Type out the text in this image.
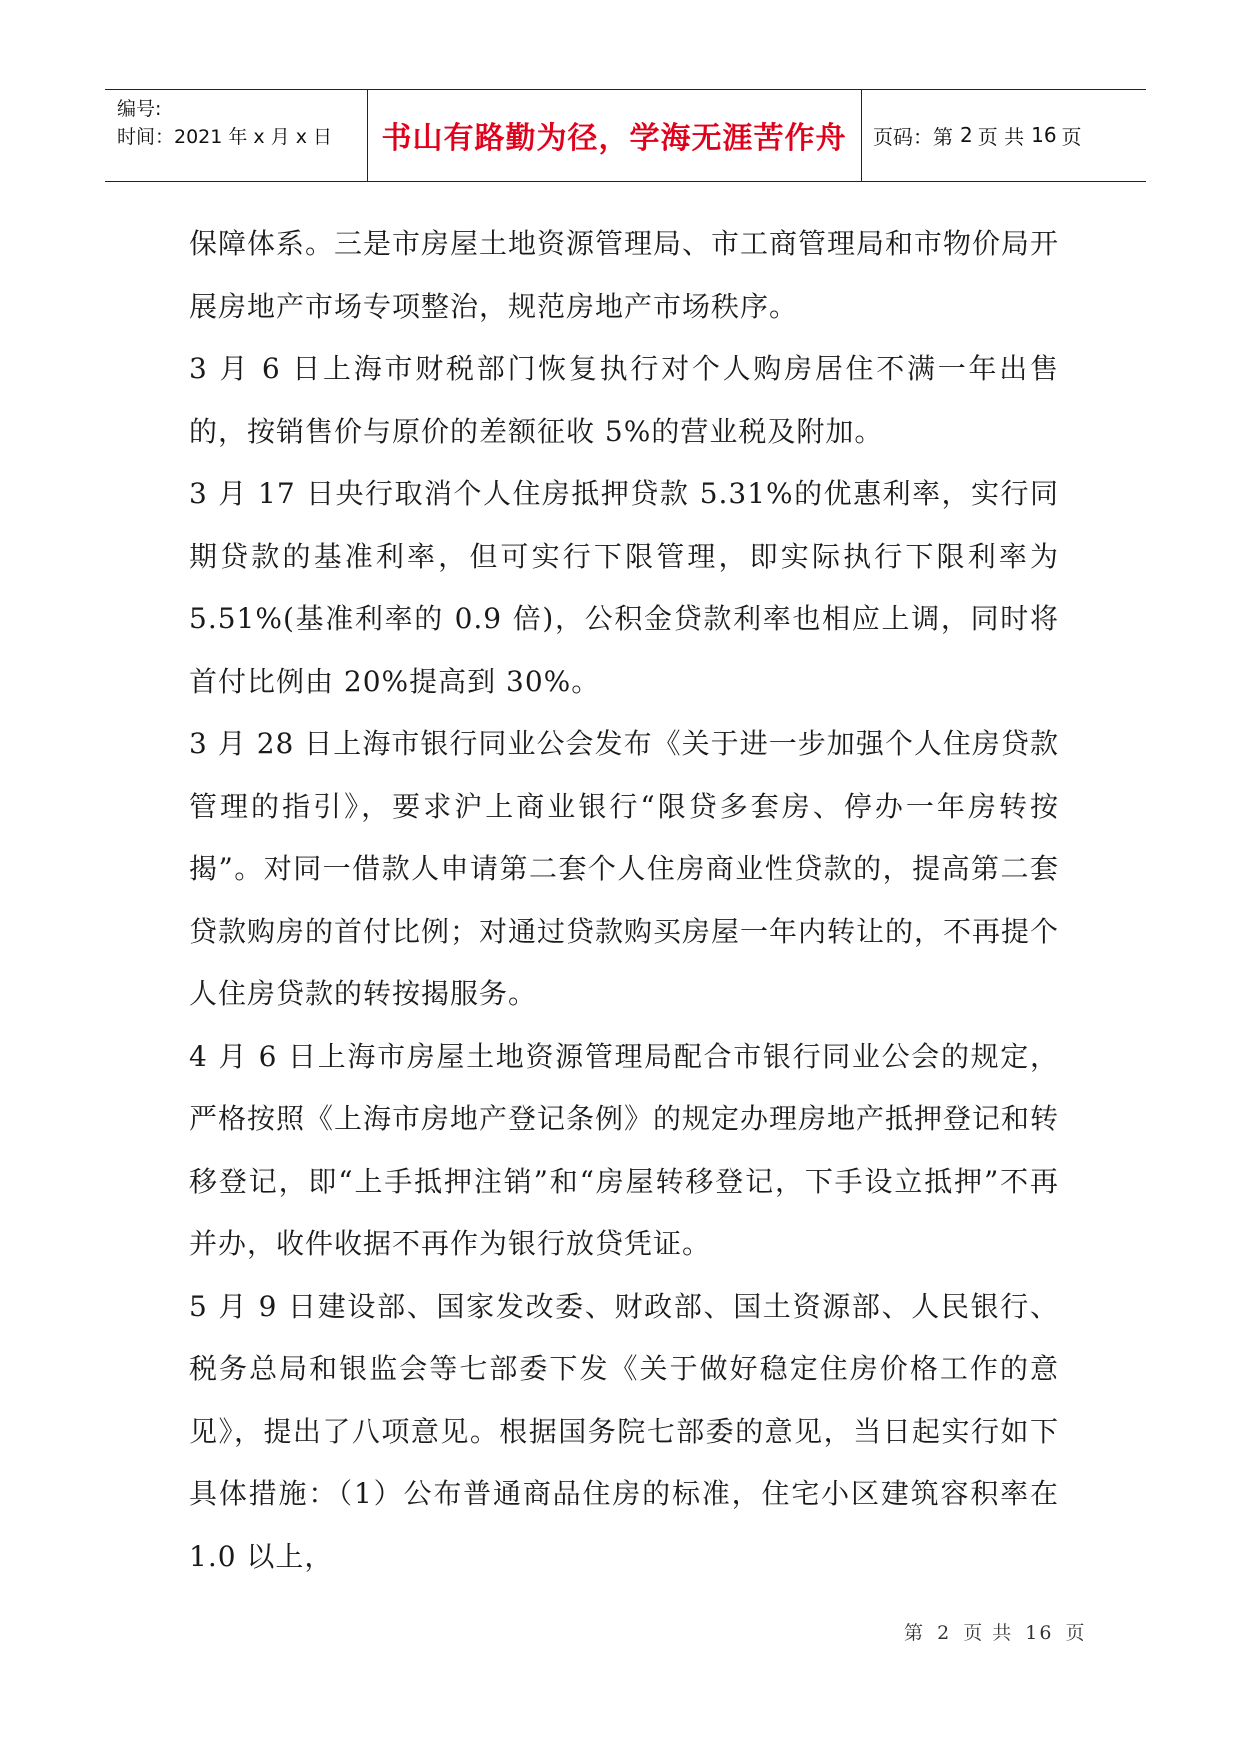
编号:
时间：2021 年 x 月 x 日	书山有路勤为径，学海无涯苦作舟	页码：第 2 页 共 16 页

保障体系。三是市房屋土地资源管理局、市工商管理局和市物价局开展房地产市场专项整治，规范房地产市场秩序。

3 月 6 日上海市财税部门恢复执行对个人购房居住不满一年出售的，按销售价与原价的差额征收 5%的营业税及附加。

3 月 17 日央行取消个人住房抵押贷款 5.31%的优惠利率，实行同期贷款的基准利率，但可实行下限管理，即实际执行下限利率为 5.51%(基准利率的 0.9 倍)，公积金贷款利率也相应上调，同时将首付比例由 20%提高到 30%。

3 月 28 日上海市银行同业公会发布《关于进一步加强个人住房贷款管理的指引》，要求沪上商业银行“限贷多套房、停办一年房转按揭”。对同一借款人申请第二套个人住房商业性贷款的，提高第二套贷款购房的首付比例；对通过贷款购买房屋一年内转让的，不再提个人住房贷款的转按揭服务。

4 月 6 日上海市房屋土地资源管理局配合市银行同业公会的规定，严格按照《上海市房地产登记条例》的规定办理房地产抵押登记和转移登记，即“上手抵押注销”和“房屋转移登记，下手设立抵押”不再并办，收件收据不再作为银行放贷凭证。

5 月 9 日建设部、国家发改委、财政部、国土资源部、人民银行、税务总局和银监会等七部委下发《关于做好稳定住房价格工作的意见》，提出了八项意见。根据国务院七部委的意见，当日起实行如下具体措施：（1）公布普通商品住房的标准，住宅小区建筑容积率在 1.0 以上，

第 2 页 共 16 页
